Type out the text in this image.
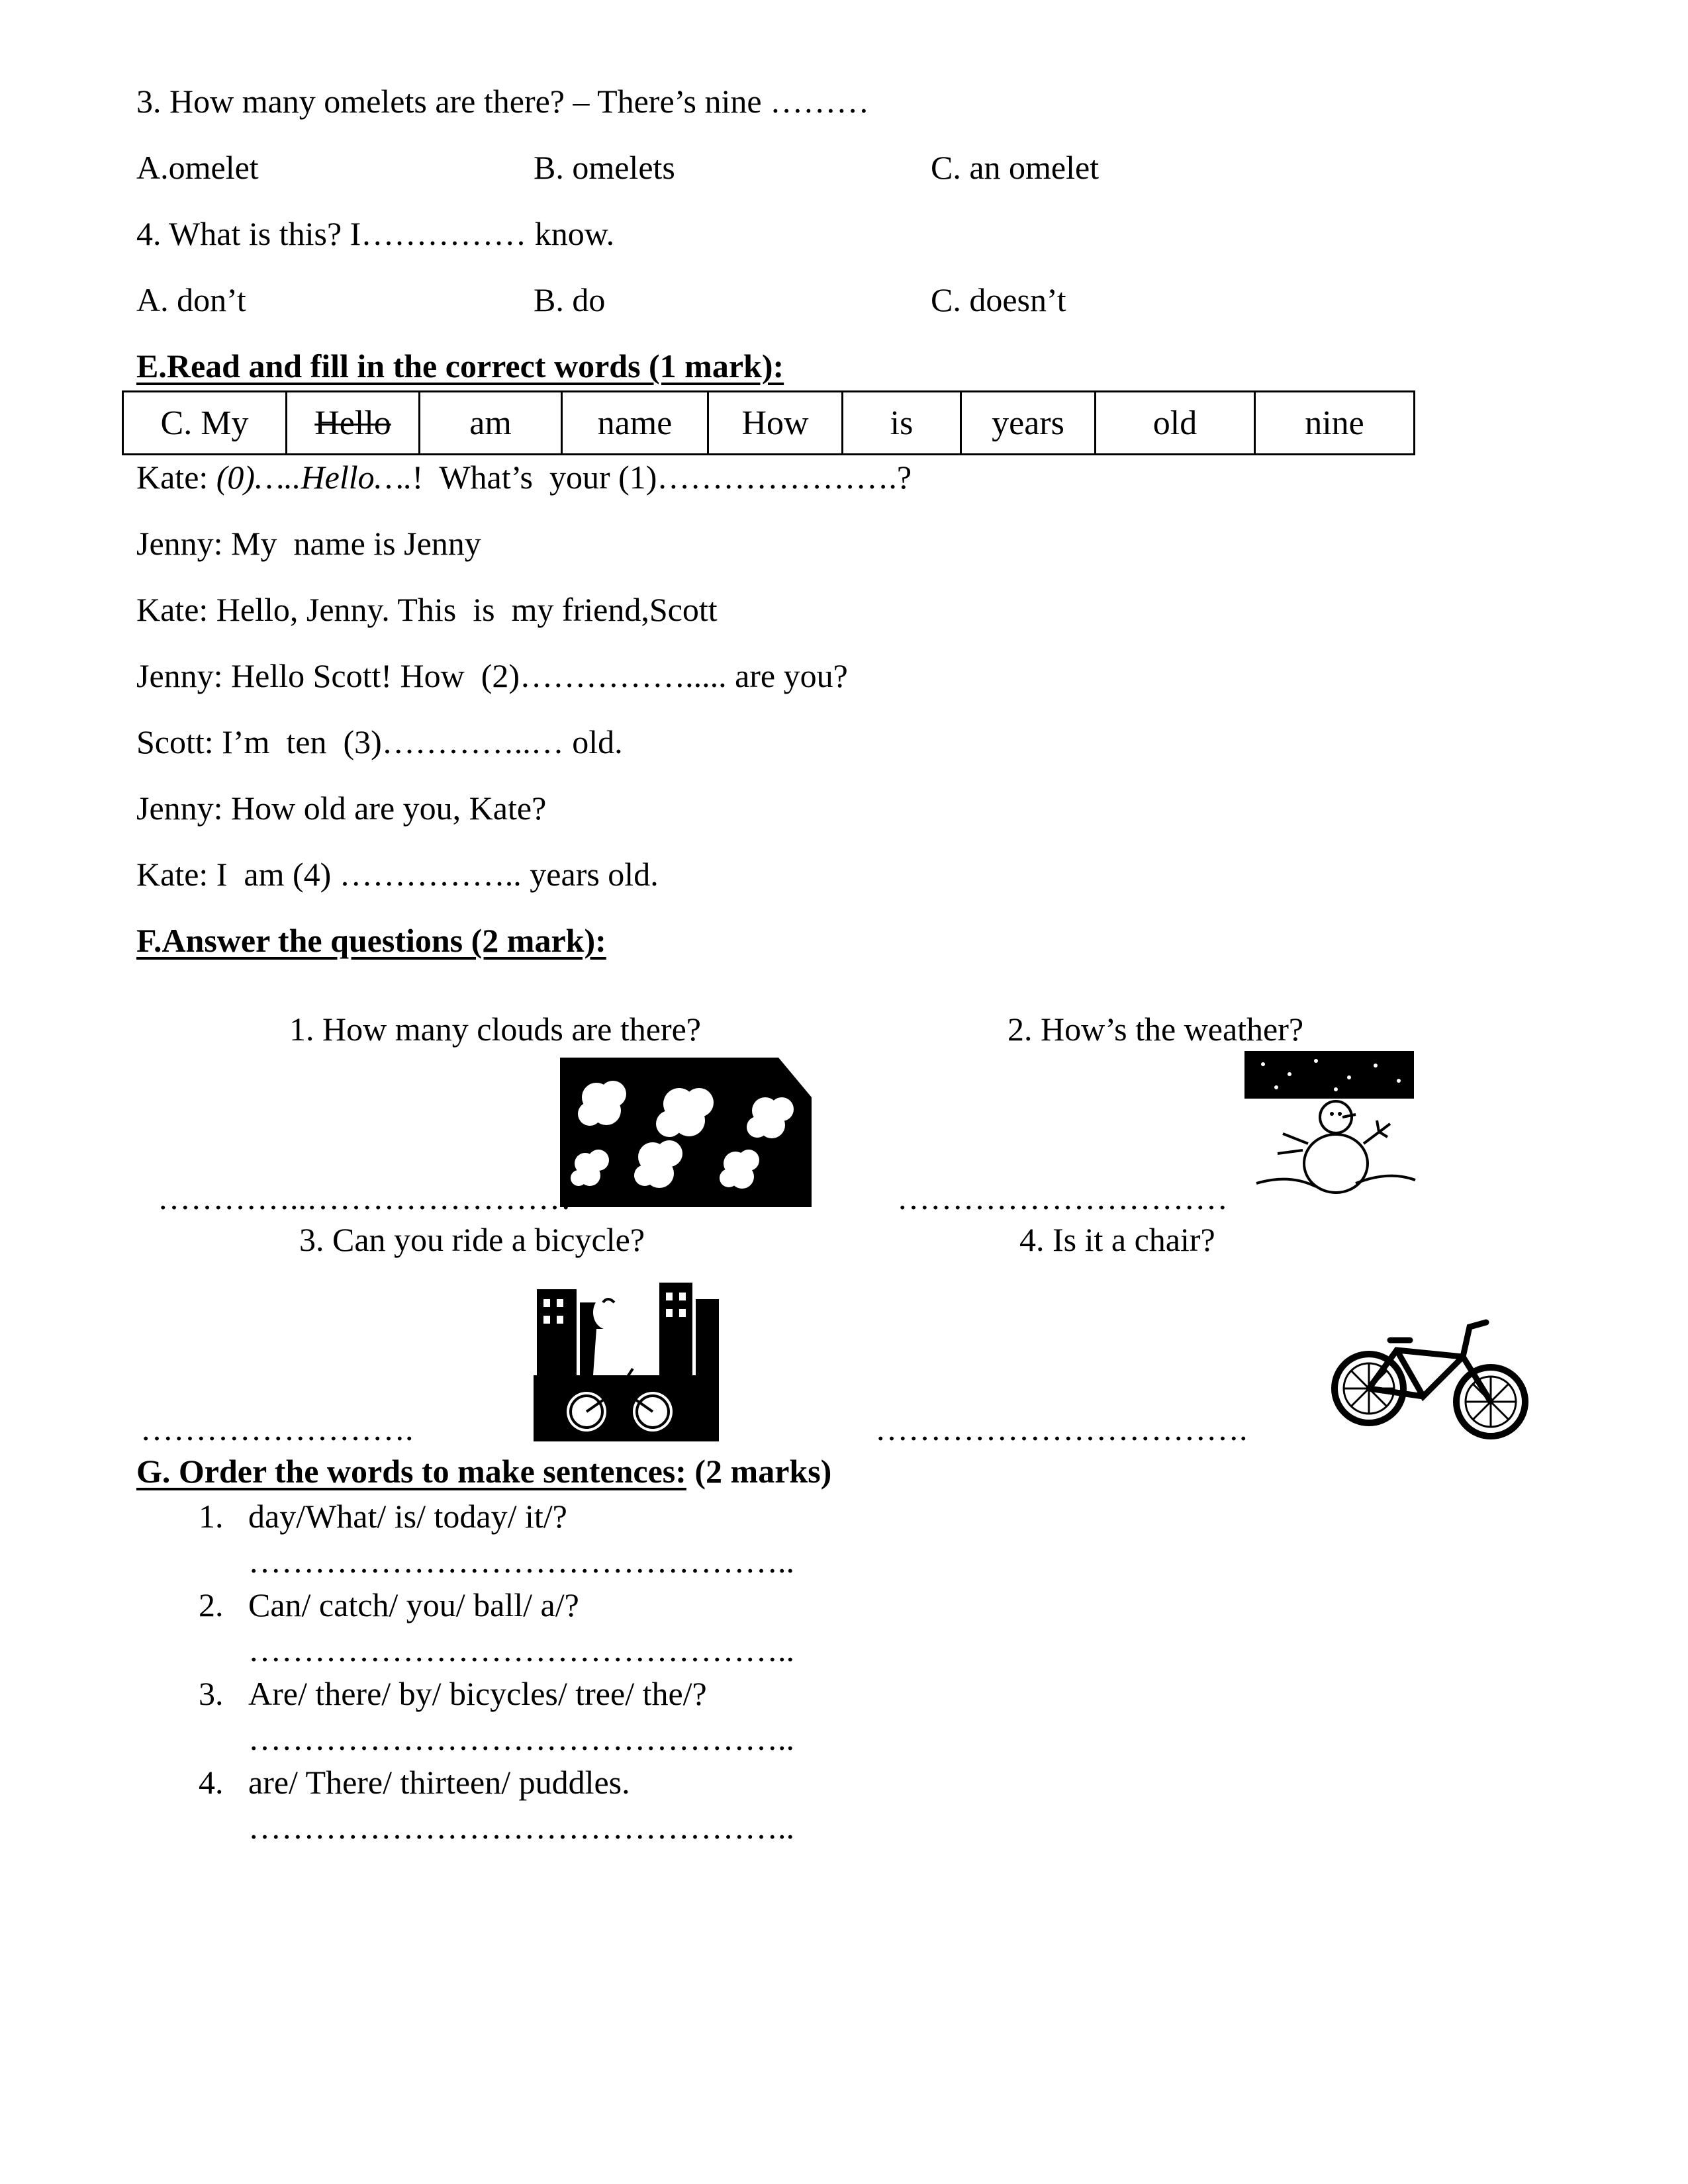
3. How many omelets are there? – There’s nine ………
A.omelet	B. omelets	C. an omelet
4. What is this? I…………… know.
A. don’t	B. do	C. doesn’t
E.Read and fill in the correct words (1 mark):
C. My	Hello	am	name	How	is	years	old	nine
Kate: (0)…..Hello….!  What’s  your (1)………………….?
Jenny: My  name is Jenny
Kate: Hello, Jenny. This  is  my friend,Scott
Jenny: Hello Scott! How  (2)……………..... are you?
Scott: I’m  ten  (3)…………..… old.
Jenny: How old are you, Kate?
Kate: I  am (4) …………….. years old.
F.Answer the questions (2 mark):
1. How many clouds are there?	2. How’s the weather?
…………..……………………	…………………………
3. Can you ride a bicycle?	4. Is it a chair?
…………………….	…………………………….
G. Order the words to make sentences: (2 marks)
1. day/What/ is/ today/ it/?
…………………………………………..
2. Can/ catch/ you/ ball/ a/?
…………………………………………..
3. Are/ there/ by/ bicycles/ tree/ the/?
…………………………………………..
4. are/ There/ thirteen/ puddles.
…………………………………………..
